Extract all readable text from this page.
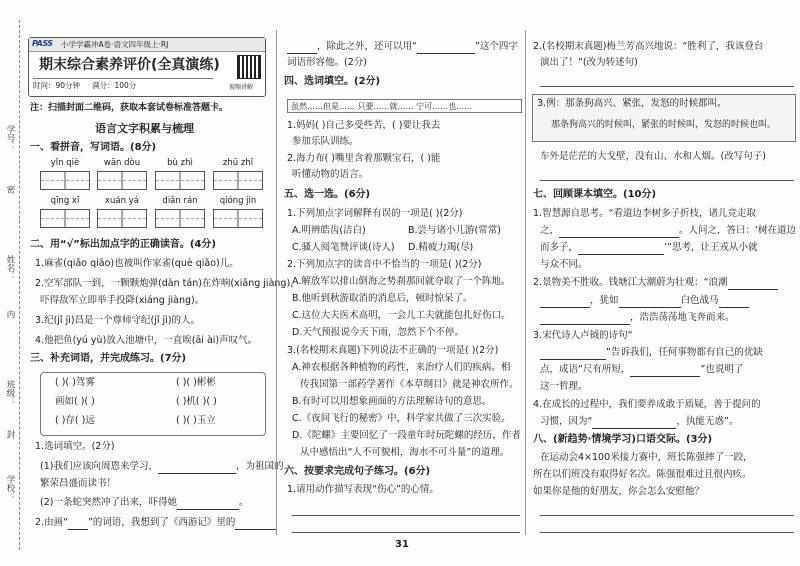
学号：
密
姓名：
内
班级：
封
学校：
PASS 小学学霸冲A卷·语文四年级上·RJ
期末综合素养评价(全真演练)
时间：90分钟 满分：100分	视频讲解
注：扫描封面二维码，获取本套试卷标准答题卡。
语言文字积累与梳理
一、看拼音，写词语。(8分)
yǐn qiè	wān dòu	bù zhì	zhū zhǐ
qīng xī	xuán yá	diǎn rán	qióng jìn
二、用“√”标出加点字的正确读音。(4分)
1.麻雀(qiǎo qiāo)也被叫作家雀(què qiǎo)儿。
2.空军部队一到，一颗颗炮弹(dàn tán)在炸响(xiǎng jiàng)，
吓得敌军立即举手投降(xiáng jiàng)。
3.纪(jǐ jì)昌是一个尊师守纪(jǐ jì)的人。
4.他把鱼(yú yù)放入池塘中，一直唉(āi ài)声叹气。
三、补充词语，并完成练习。(7分)
( )( )驾雾	( )( )彬彬
画如( )( )	( )机( )( )
( )存( )远	( )( )玉立
1.选词填空。(2分)
(1)我们应该向周恩来学习，	，为祖国的
繁荣昌盛而读书！
(2)一条蛇突然冲了出来，吓得她	。
2.由画“ ”的词语，我想到了《西游记》里的
，除此之外，还可以用“	”这个四字
词语形容他。(2分)
四、选词填空。(2分)
虽然……但是…… 只要……就…… 宁可……也……
1.妈妈( )自己多受些苦，( )要让我去
参加乐队训练。
2.海力布( )嘴里含着那颗宝石，( )能
听懂动物的语言。
五、选一选。(6分)
1.下列加点字词解释有误的一项是( )(2分)
A.明辨皓齿(洁白)	B.尝与诸小儿游(常常)
C.骚人阅笔赞评谈(诗人) D.精疲力竭(尽)
2.下列加点字的读音中不恰当的一项是( )(2分)
A.解放军以排山倒海之势刹那间就夺取了一个阵地。
B.他听到秋游取消的消息后，顿时惊呆了。
C.这位大夫医术高明，一会儿工夫就能包扎好伤口。
D.天气预报说今天下雨，忽然下个不停。
3.(名校期末真题)下列说法不正确的一项是( )(2分)
A.神农根据各种植物的药性，来治疗人们的疾病。相
传我国第一部药学著作《本草纲目》就是神农所作。
B.有时可以用想象画面的方法理解诗句的意思。
C.《夜间飞行的秘密》中，科学家共做了三次实验。
D.《陀螺》主要回忆了一段童年时玩陀螺的经历，作者
从中感悟出“人不可貌相，海水不可斗量”的道理。
六、按要求完成句子练习。(6分)
1.请用动作描写表现“伤心”的心情。
2.(名校期末真题)梅兰芳高兴地说：“胜利了，我该登台
演出了！”(改为转述句)
3.例：那条狗高兴、紧张，发怒的时候都叫。
那条狗高兴的时候叫，紧张的时候叫，发怒的时候也叫。
车外是茫茫的大戈壁，没有山、水和人烟。(改写句子)
七、回顾课本填空。(10分)
1.智慧源自思考。“看道边李树多子折枝，诸儿竞走取
之，	。人问之，答曰：‘树在道边
而多子，	’”思考，让王戎从小就
与众不同。
2.景物美不胜收。钱塘江大潮蔚为壮观：“浪潮
，犹如	白色战马
，浩浩荡荡地飞奔而来。
3.宋代诗人卢钺的诗句“
”告诉我们，任何事物都有自己的优缺
点，成语“尺有所短，	”也说明了
这一哲理。
4.在成长的过程中，我们要养成敢于质疑，善于提问的
习惯，因为“	，执能无惑”。
八、(新趋势·情境学习)口语交际。(3分)
在运动会4×100米接力赛中，班长陈强摔了一跤，
所在以们班没有取得好名次。陈强很难过且很内疚。
如果你是他的好朋友，你会怎么安慰他？
31
